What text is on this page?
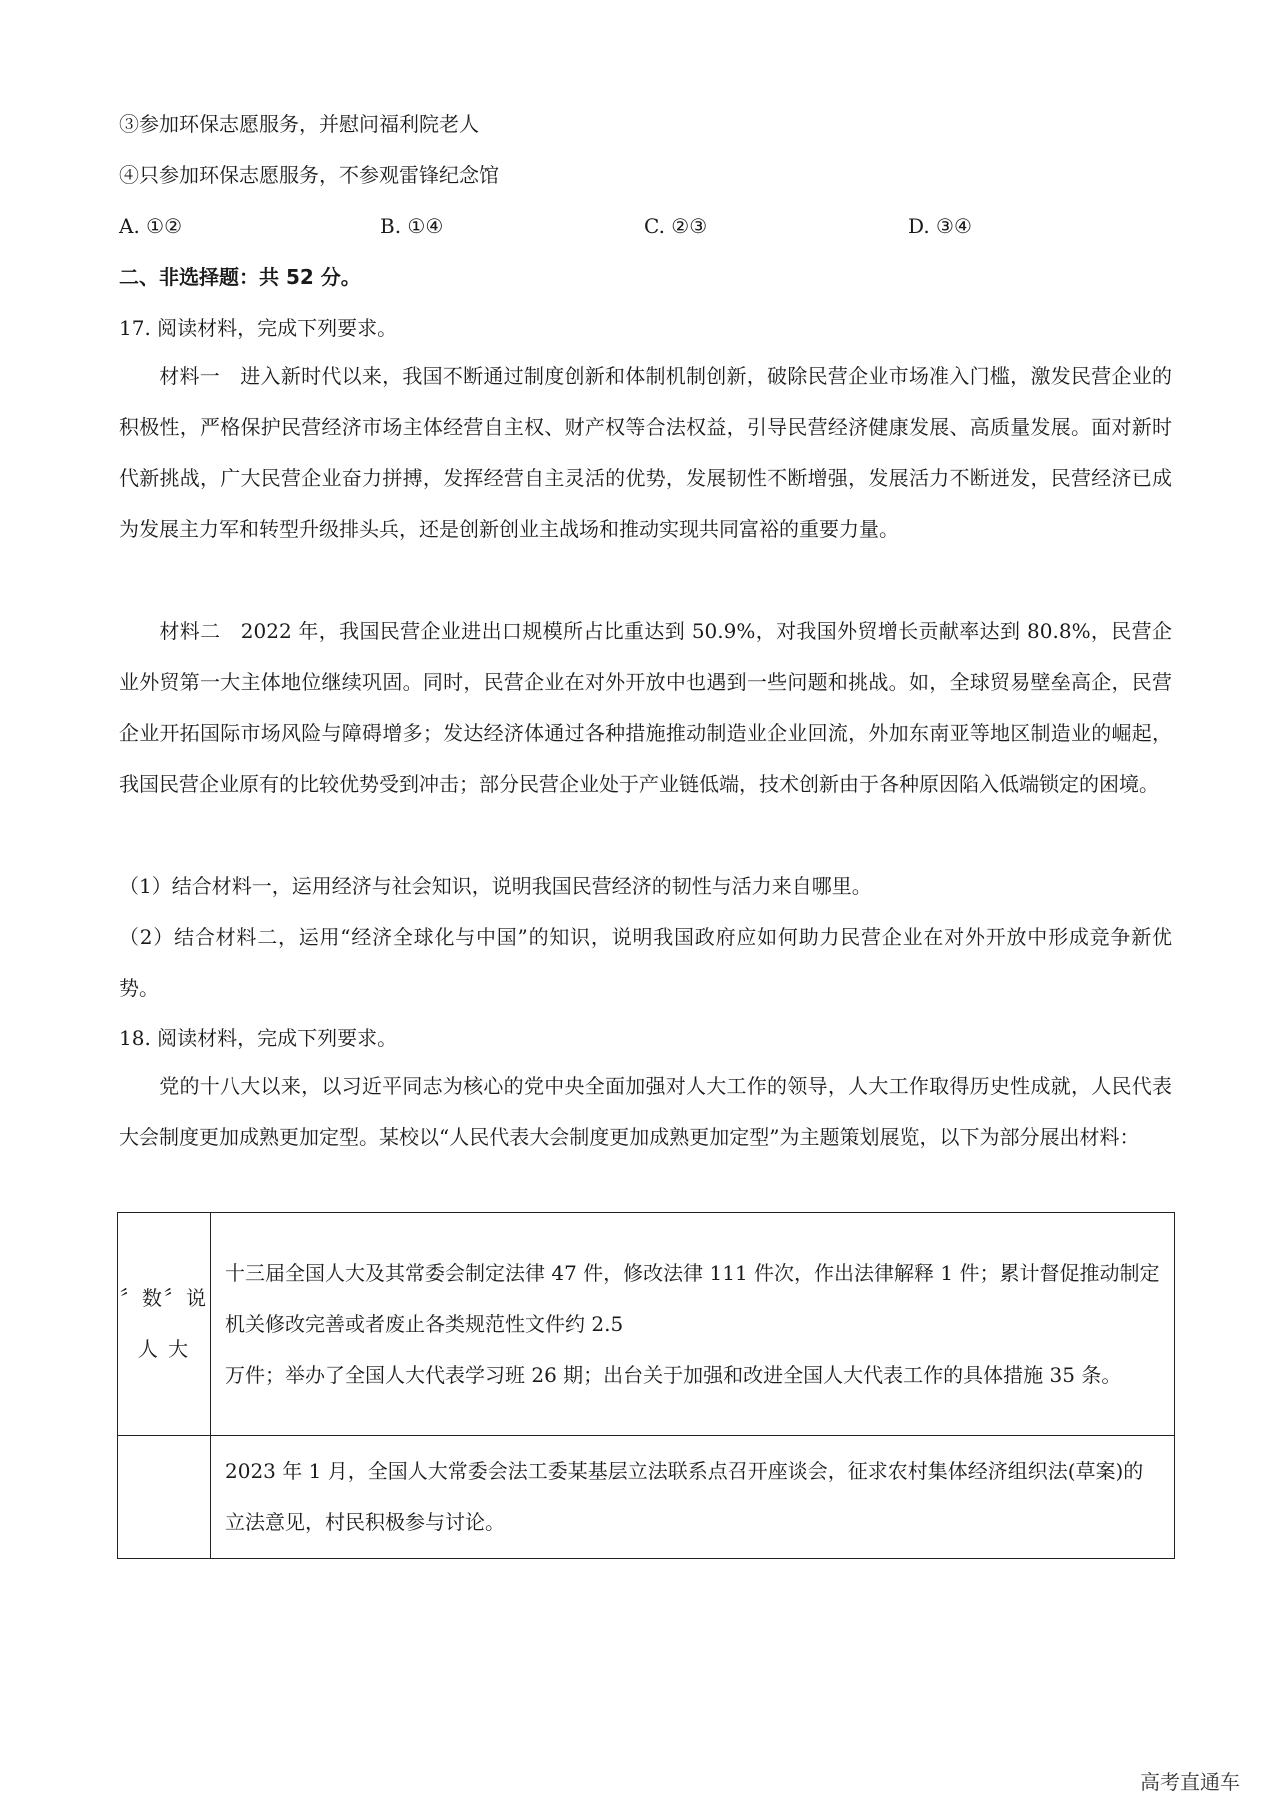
③参加环保志愿服务，并慰问福利院老人
④只参加环保志愿服务，不参观雷锋纪念馆
A. ①②	B. ①④	C. ②③	D. ③④
二、非选择题：共 52 分。
17. 阅读材料，完成下列要求。
材料一　进入新时代以来，我国不断通过制度创新和体制机制创新，破除民营企业市场准入门槛，激发民营企业的积极性，严格保护民营经济市场主体经营自主权、财产权等合法权益，引导民营经济健康发展、高质量发展。面对新时代新挑战，广大民营企业奋力拼搏，发挥经营自主灵活的优势，发展韧性不断增强，发展活力不断迸发，民营经济已成为发展主力军和转型升级排头兵，还是创新创业主战场和推动实现共同富裕的重要力量。
材料二　2022 年，我国民营企业进出口规模所占比重达到 50.9%，对我国外贸增长贡献率达到 80.8%，民营企业外贸第一大主体地位继续巩固。同时，民营企业在对外开放中也遇到一些问题和挑战。如，全球贸易壁垒高企，民营企业开拓国际市场风险与障碍增多；发达经济体通过各种措施推动制造业企业回流，外加东南亚等地区制造业的崛起，我国民营企业原有的比较优势受到冲击；部分民营企业处于产业链低端，技术创新由于各种原因陷入低端锁定的困境。
（1）结合材料一，运用经济与社会知识，说明我国民营经济的韧性与活力来自哪里。
（2）结合材料二，运用“经济全球化与中国”的知识，说明我国政府应如何助力民营企业在对外开放中形成竞争新优势。
18. 阅读材料，完成下列要求。
党的十八大以来，以习近平同志为核心的党中央全面加强对人大工作的领导，人大工作取得历史性成就，人民代表大会制度更加成熟更加定型。某校以“人民代表大会制度更加成熟更加定型”为主题策划展览，以下为部分展出材料：
〞数〞说 人 大	十三届全国人大及其常委会制定法律 47 件，修改法律 111 件次，作出法律解释 1 件；累计督促推动制定机关修改完善或者废止各类规范性文件约 2.5
万件；举办了全国人大代表学习班 26 期；出台关于加强和改进全国人大代表工作的具体措施 35 条。

	2023 年 1 月，全国人大常委会法工委某基层立法联系点召开座谈会，征求农村集体经济组织法(草案)的立法意见，村民积极参与讨论。
高考直通车
